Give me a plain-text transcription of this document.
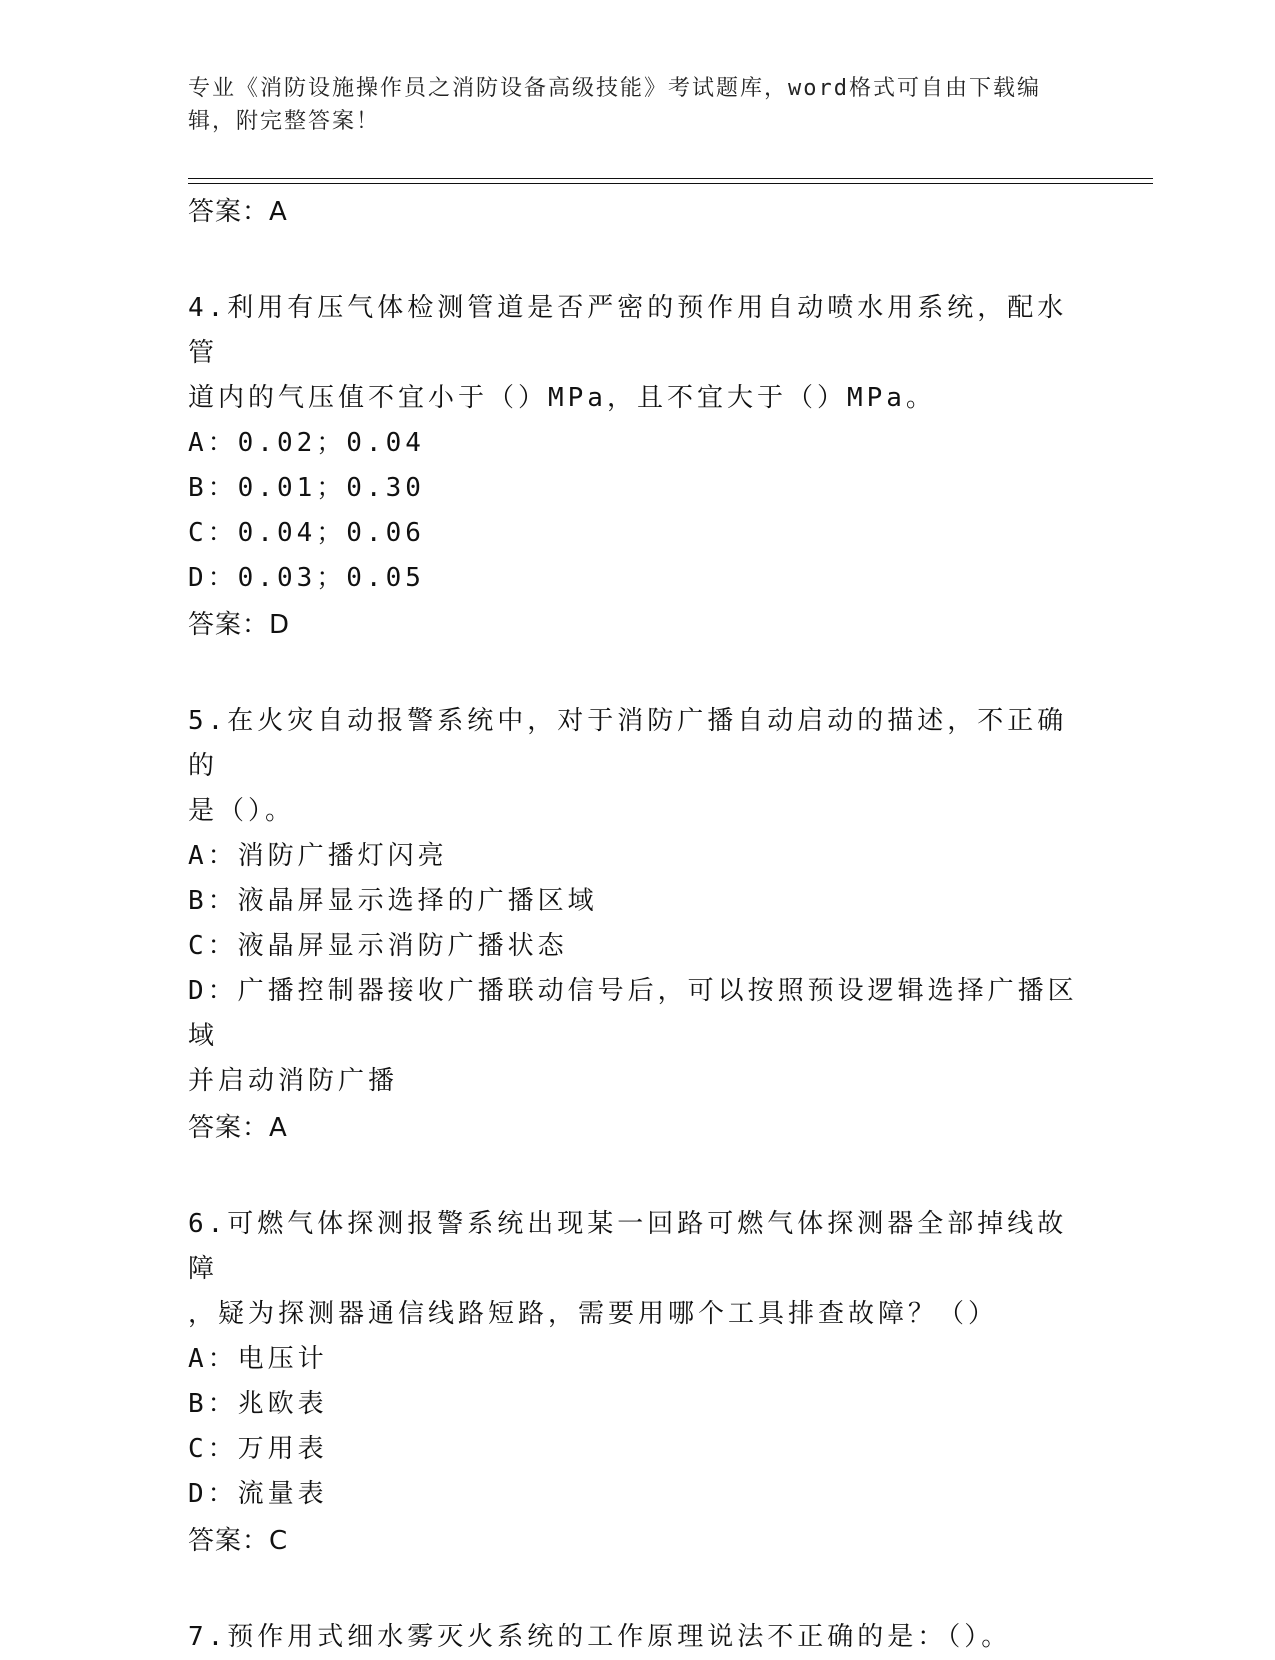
专业《消防设施操作员之消防设备高级技能》考试题库，word格式可自由下载编
辑，附完整答案！
答案：A
4.利用有压气体检测管道是否严密的预作用自动喷水用系统，配水管
道内的气压值不宜小于（）MPa，且不宜大于（）MPa。
A：0.02；0.04
B：0.01；0.30
C：0.04；0.06
D：0.03；0.05
答案：D
5.在火灾自动报警系统中，对于消防广播自动启动的描述，不正确的
是（）。
A：消防广播灯闪亮
B：液晶屏显示选择的广播区域
C：液晶屏显示消防广播状态
D：广播控制器接收广播联动信号后，可以按照预设逻辑选择广播区域
并启动消防广播
答案：A
6.可燃气体探测报警系统出现某一回路可燃气体探测器全部掉线故障
，疑为探测器通信线路短路，需要用哪个工具排查故障？（）
A：电压计
B：兆欧表
C：万用表
D：流量表
答案：C
7.预作用式细水雾灭火系统的工作原理说法不正确的是：（）。
